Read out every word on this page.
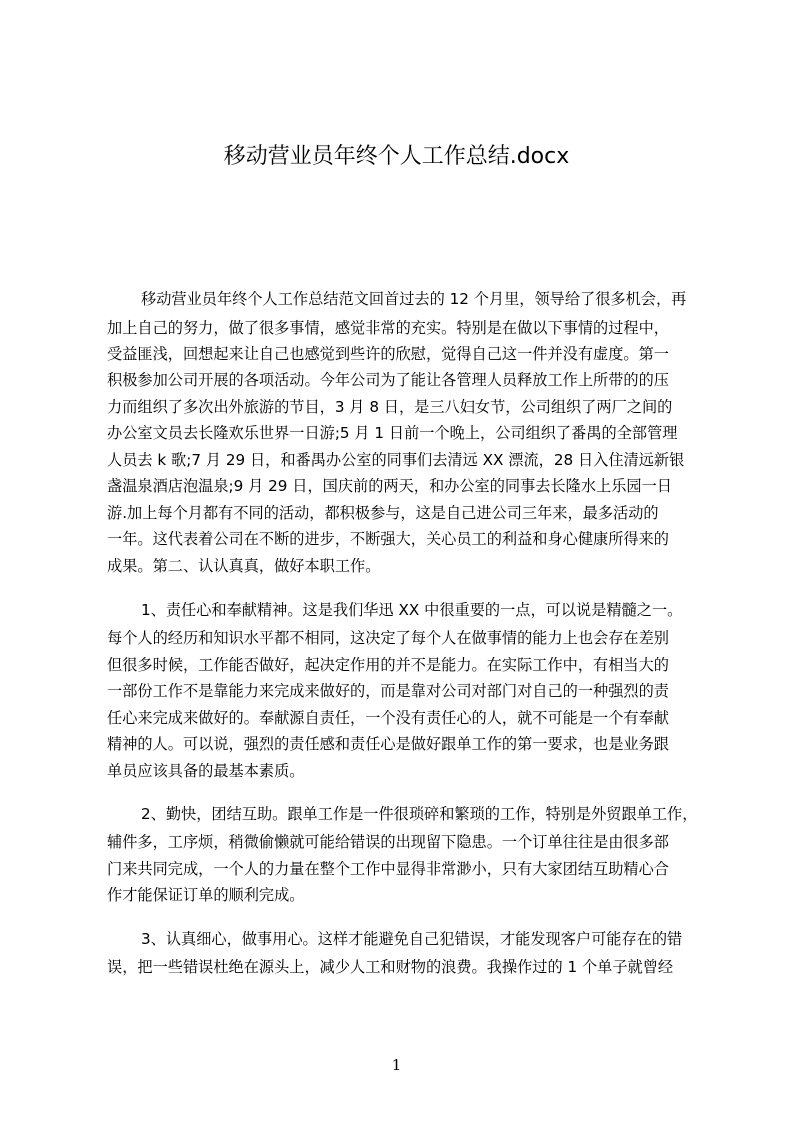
移动营业员年终个人工作总结.docx
移动营业员年终个人工作总结范文回首过去的 12 个月里，领导给了很多机会，再
加上自己的努力，做了很多事情，感觉非常的充实。特别是在做以下事情的过程中，
受益匪浅，回想起来让自己也感觉到些许的欣慰，觉得自己这一件并没有虚度。第一
积极参加公司开展的各项活动。今年公司为了能让各管理人员释放工作上所带的的压
力而组织了多次出外旅游的节目，3 月 8 日，是三八妇女节，公司组织了两厂之间的
办公室文员去长隆欢乐世界一日游;5 月 1 日前一个晚上，公司组织了番禺的全部管理
人员去 k 歌;7 月 29 日，和番禺办公室的同事们去清远 XX 漂流，28 日入住清远新银
盏温泉酒店泡温泉;9 月 29 日，国庆前的两天，和办公室的同事去长隆水上乐园一日
游.加上每个月都有不同的活动，都积极参与，这是自己进公司三年来，最多活动的
一年。这代表着公司在不断的进步，不断强大，关心员工的利益和身心健康所得来的
成果。第二、认认真真，做好本职工作。
1、责任心和奉献精神。这是我们华迅 XX 中很重要的一点，可以说是精髓之一。
每个人的经历和知识水平都不相同，这决定了每个人在做事情的能力上也会存在差别
但很多时候，工作能否做好，起决定作用的并不是能力。在实际工作中，有相当大的
一部份工作不是靠能力来完成来做好的，而是靠对公司对部门对自己的一种强烈的责
任心来完成来做好的。奉献源自责任，一个没有责任心的人，就不可能是一个有奉献
精神的人。可以说，强烈的责任感和责任心是做好跟单工作的第一要求，也是业务跟
单员应该具备的最基本素质。
2、勤快，团结互助。跟单工作是一件很琐碎和繁琐的工作，特别是外贸跟单工作，
辅件多，工序烦，稍微偷懒就可能给错误的出现留下隐患。一个订单往往是由很多部
门来共同完成，一个人的力量在整个工作中显得非常渺小，只有大家团结互助精心合
作才能保证订单的顺利完成。
3、认真细心，做事用心。这样才能避免自己犯错误，才能发现客户可能存在的错
误，把一些错误杜绝在源头上，减少人工和财物的浪费。我操作过的 1 个单子就曾经
1
